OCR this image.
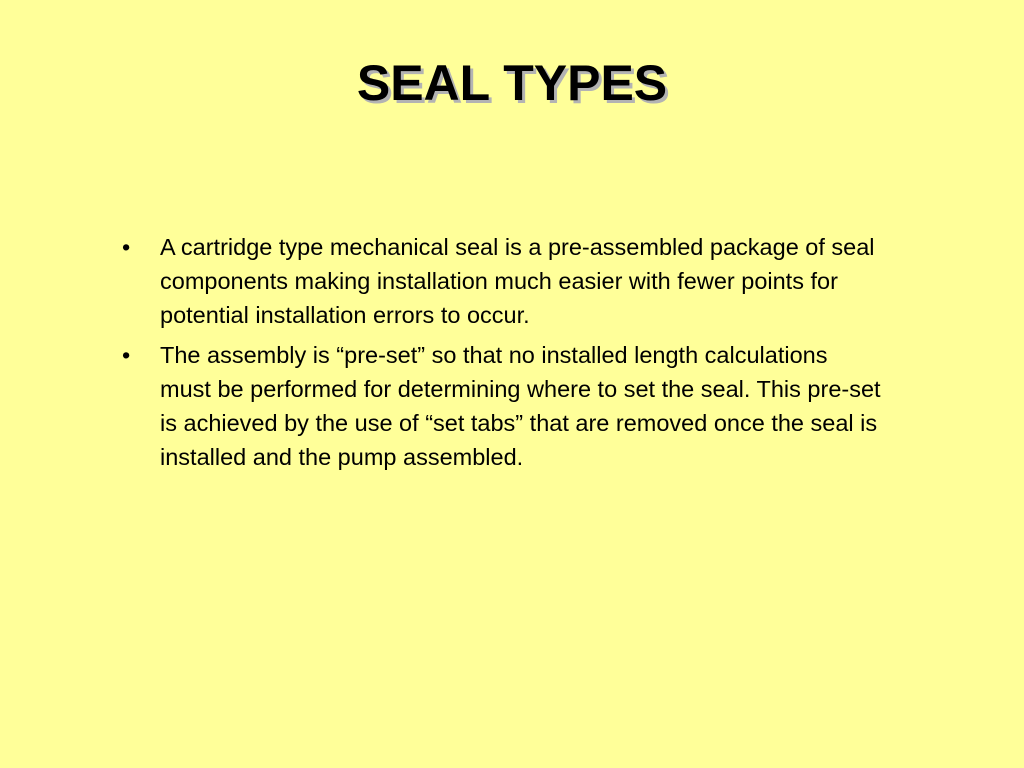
SEAL TYPES
•	A cartridge type mechanical seal is a pre-assembled package of seal components making installation much easier with fewer points for potential installation errors to occur.
•	The assembly is “pre-set” so that no installed length calculations must be performed for determining where to set the seal. This pre-set is achieved by the use of “set tabs” that are removed once the seal is installed and the pump assembled.
